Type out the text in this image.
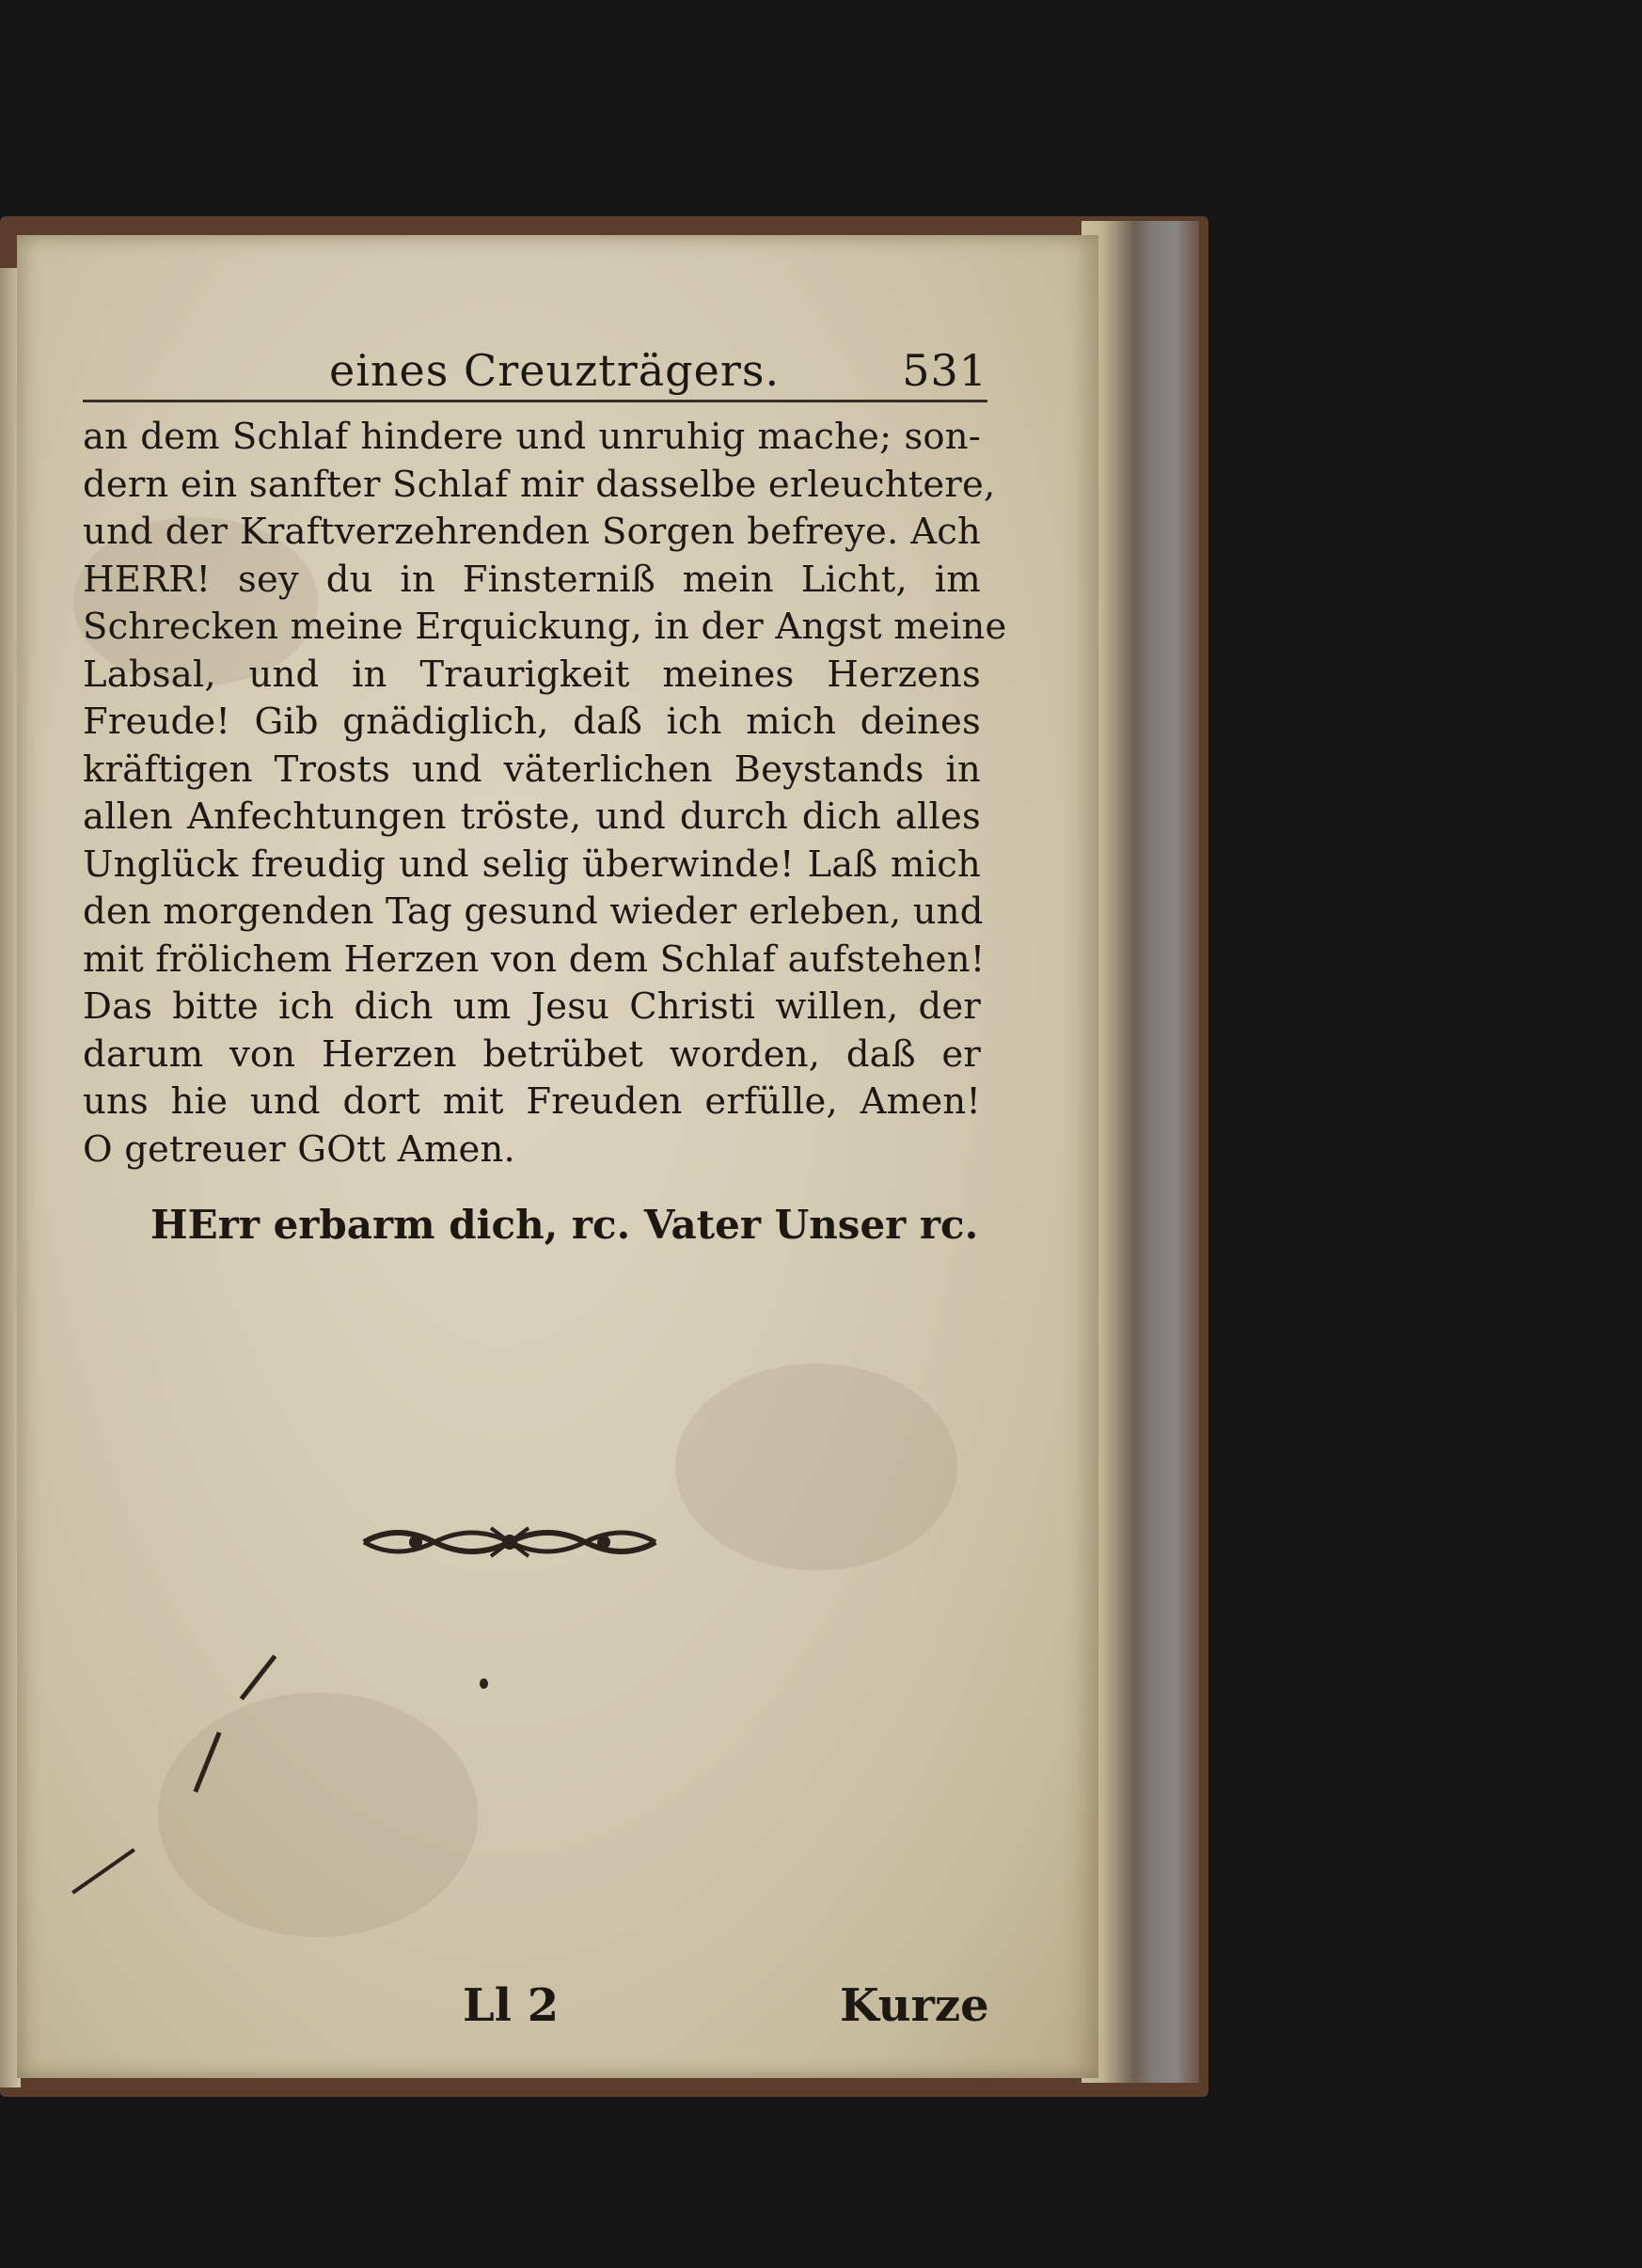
eines Creuzträgers.	531
an dem Schlaf hindere und unruhig mache; son-
dern ein sanfter Schlaf mir dasselbe erleuchtere,
und der Kraftverzehrenden Sorgen befreye. Ach
HERR! sey du in Finsterniß mein Licht, im
Schrecken meine Erquickung, in der Angst meine
Labsal, und in Traurigkeit meines Herzens
Freude! Gib gnädiglich, daß ich mich deines
kräftigen Trosts und väterlichen Beystands in
allen Anfechtungen tröste, und durch dich alles
Unglück freudig und selig überwinde! Laß mich
den morgenden Tag gesund wieder erleben, und
mit frölichem Herzen von dem Schlaf aufstehen!
Das bitte ich dich um Jesu Christi willen, der
darum von Herzen betrübet worden, daß er
uns hie und dort mit Freuden erfülle, Amen!
O getreuer GOtt Amen.
HErr erbarm dich, rc. Vater Unser rc.
Ll 2	Kurze
